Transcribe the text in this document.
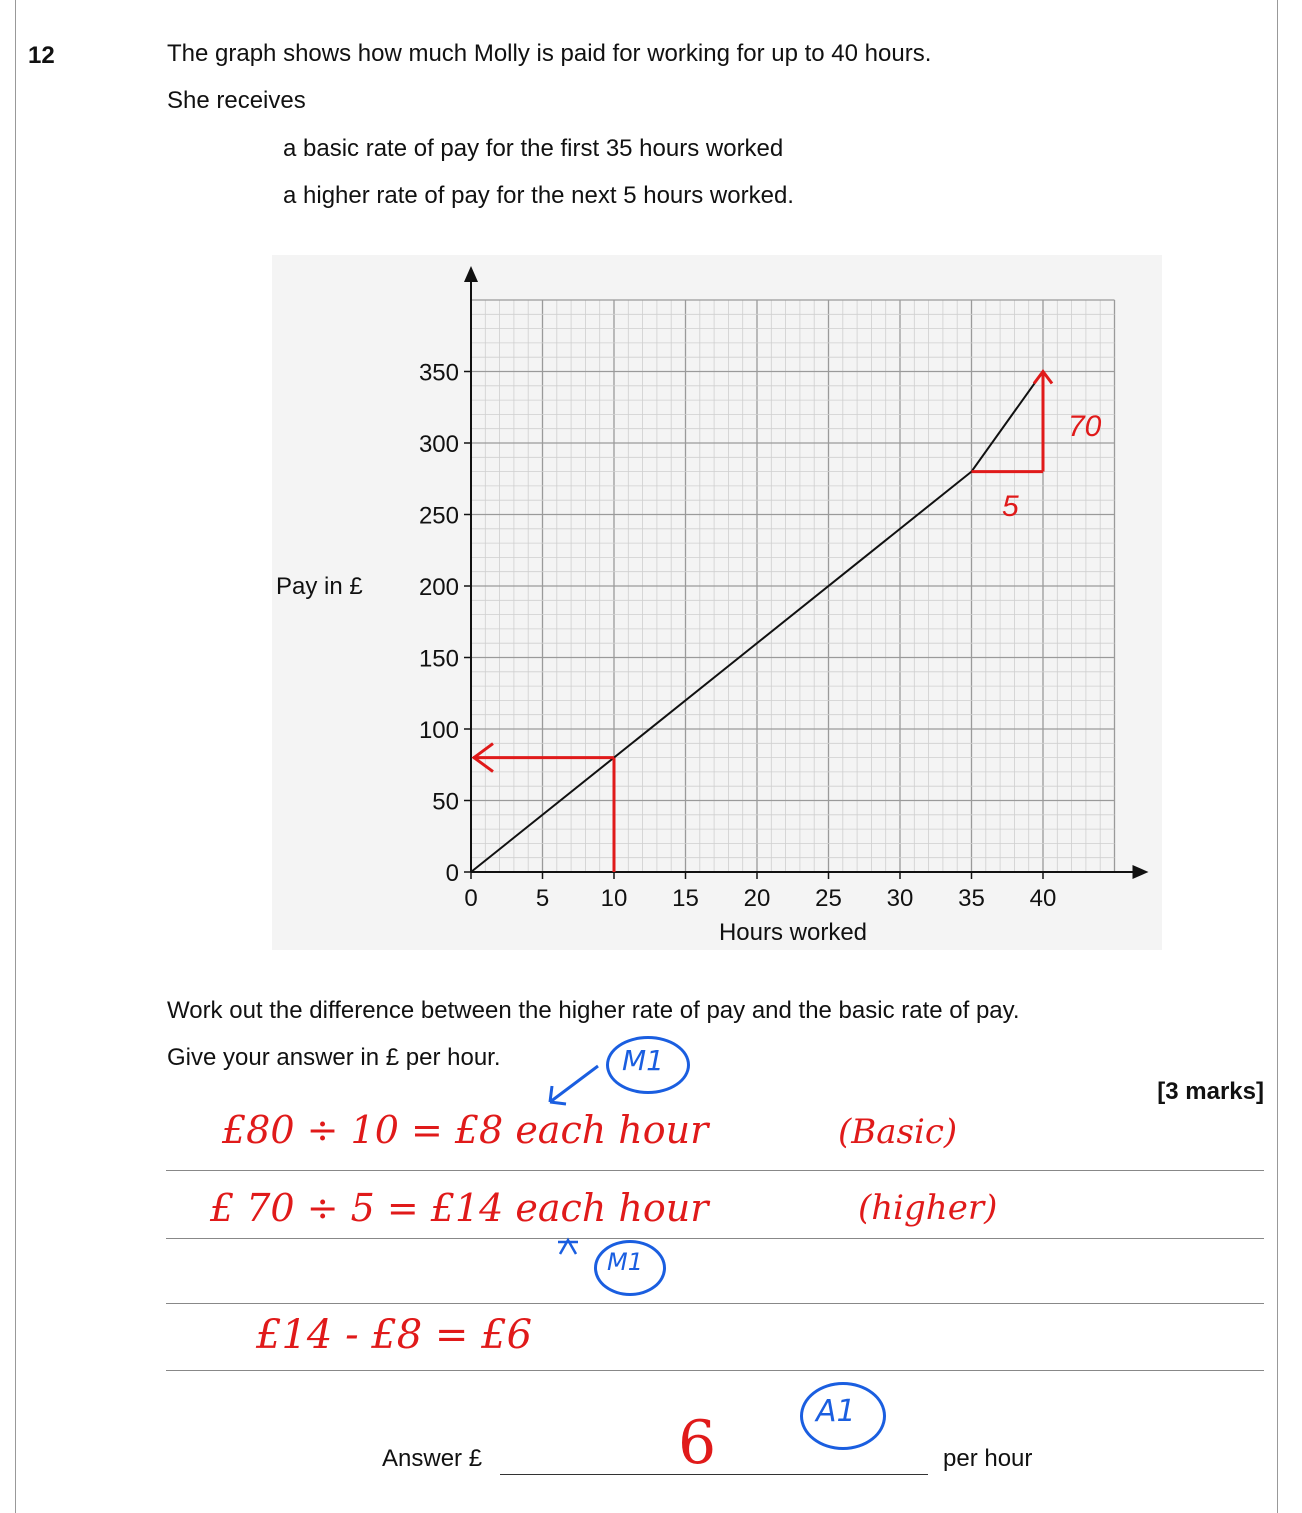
12	The graph shows how much Molly is paid for working for up to 40 hours.
She receives
a basic rate of pay for the first 35 hours worked
a higher rate of pay for the next 5 hours worked.
0
50
100
150
200
250
300
350
0 5 10 15 20 25 30 35 40
Pay in £
Hours worked
70
5
Work out the difference between the higher rate of pay and the basic rate of pay.
Give your answer in £ per hour.
[3 marks]
M1
£80 ÷ 10 = £8 each hour	(Basic)
£ 70 ÷ 5 = £14 each hour	(higher)
M1
£14 - £8 = £6
Answer £	6	A1
per hour
